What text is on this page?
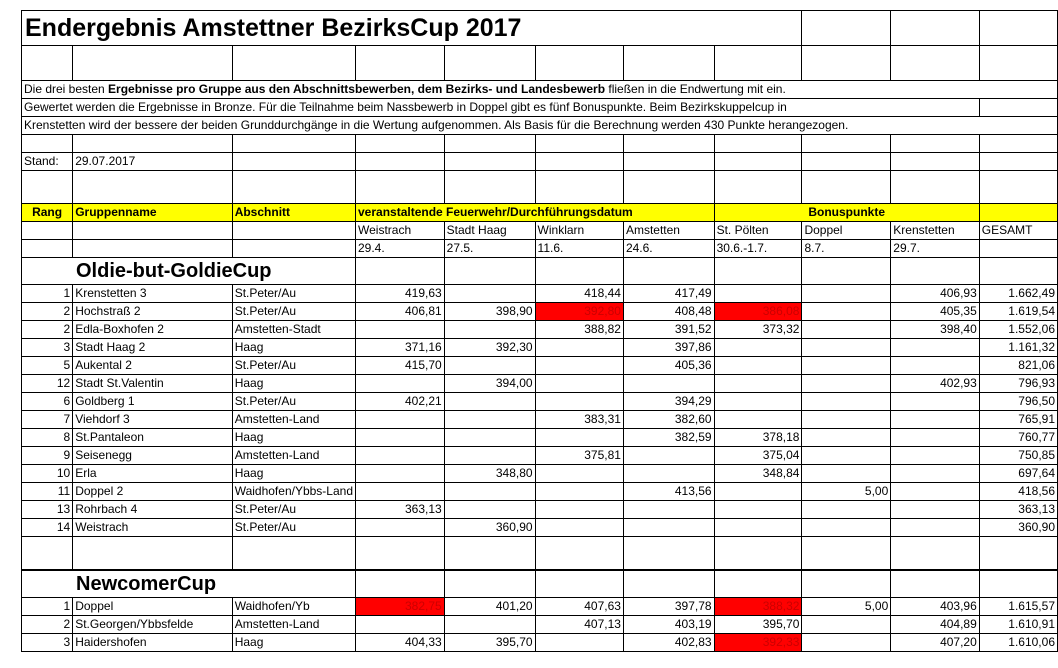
Endergebnis Amstettner BezirksCup 2017										

Die drei besten Ergebnisse pro Gruppe aus den Abschnittsbewerben, dem Bezirks- und Landesbewerb fließen in die Endwertung mit ein.										
Gewertet werden die Ergebnisse in Bronze. Für die Teilnahme beim Nassbewerb in Doppel gibt es fünf Bonuspunkte. Beim Bezirkskuppelcup in										
Krenstetten wird der bessere der beiden Grunddurchgänge in die Wertung aufgenommen. Als Basis für die Berechnung werden 430 Punkte herangezogen.										

Stand:	29.07.2017									

Rang	Gruppenname	Abschnitt	veranstaltende Feuerwehr/Durchführungsdatum				Bonuspunkte			
			Weistrach	Stadt Haag	Winklarn	Amstetten	St. Pölten	Doppel	Krenstetten	GESAMT
			29.4.	27.5.	11.6.	24.6.	30.6.-1.7.	8.7.	29.7.	
Oldie-but-GoldieCup										
1	Krenstetten 3	St.Peter/Au	419,63		418,44	417,49			406,93	1.662,49
2	Hochstraß 2	St.Peter/Au	406,81	398,90	392,80	408,48	386,08		405,35	1.619,54
2	Edla-Boxhofen 2	Amstetten-Stadt			388,82	391,52	373,32		398,40	1.552,06
3	Stadt Haag 2	Haag	371,16	392,30		397,86				1.161,32
5	Aukental 2	St.Peter/Au	415,70			405,36				821,06
12	Stadt St.Valentin	Haag		394,00					402,93	796,93
6	Goldberg 1	St.Peter/Au	402,21			394,29				796,50
7	Viehdorf 3	Amstetten-Land			383,31	382,60				765,91
8	St.Pantaleon	Haag				382,59	378,18			760,77
9	Seisenegg	Amstetten-Land			375,81		375,04			750,85
10	Erla	Haag		348,80			348,84			697,64
11	Doppel 2	Waidhofen/Ybbs-Land				413,56		5,00		418,56
13	Rohrbach 4	St.Peter/Au	363,13							363,13
14	Weistrach	St.Peter/Au		360,90						360,90

NewcomerCup										
1	Doppel	Waidhofen/Yb	382,75	401,20	407,63	397,78	388,32	5,00	403,96	1.615,57
2	St.Georgen/Ybbsfelde	Amstetten-Land			407,13	403,19	395,70		404,89	1.610,91
3	Haidershofen	Haag	404,33	395,70		402,83	392,33		407,20	1.610,06
